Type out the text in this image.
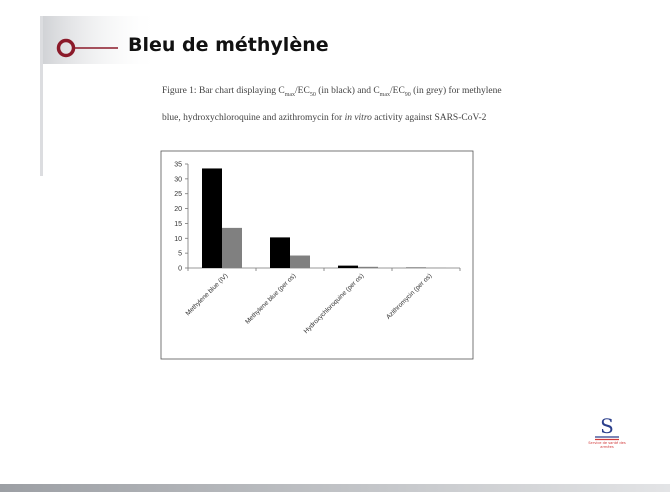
Bleu de méthylène
Figure 1: Bar chart displaying $C_{max}/EC_{50}$ (in black) and $C_{max}/EC_{90}$ (in grey) for methylene
blue, hydroxychloroquine and azithromycin for in vitro activity against SARS-CoV-2
0
5
10
15
20
25
30
35
Methylene blue (IV) Methylene blue (per os) Hydroxychloroquine (per os)	Azithromycin (per os)
S
Service de santé des armées
